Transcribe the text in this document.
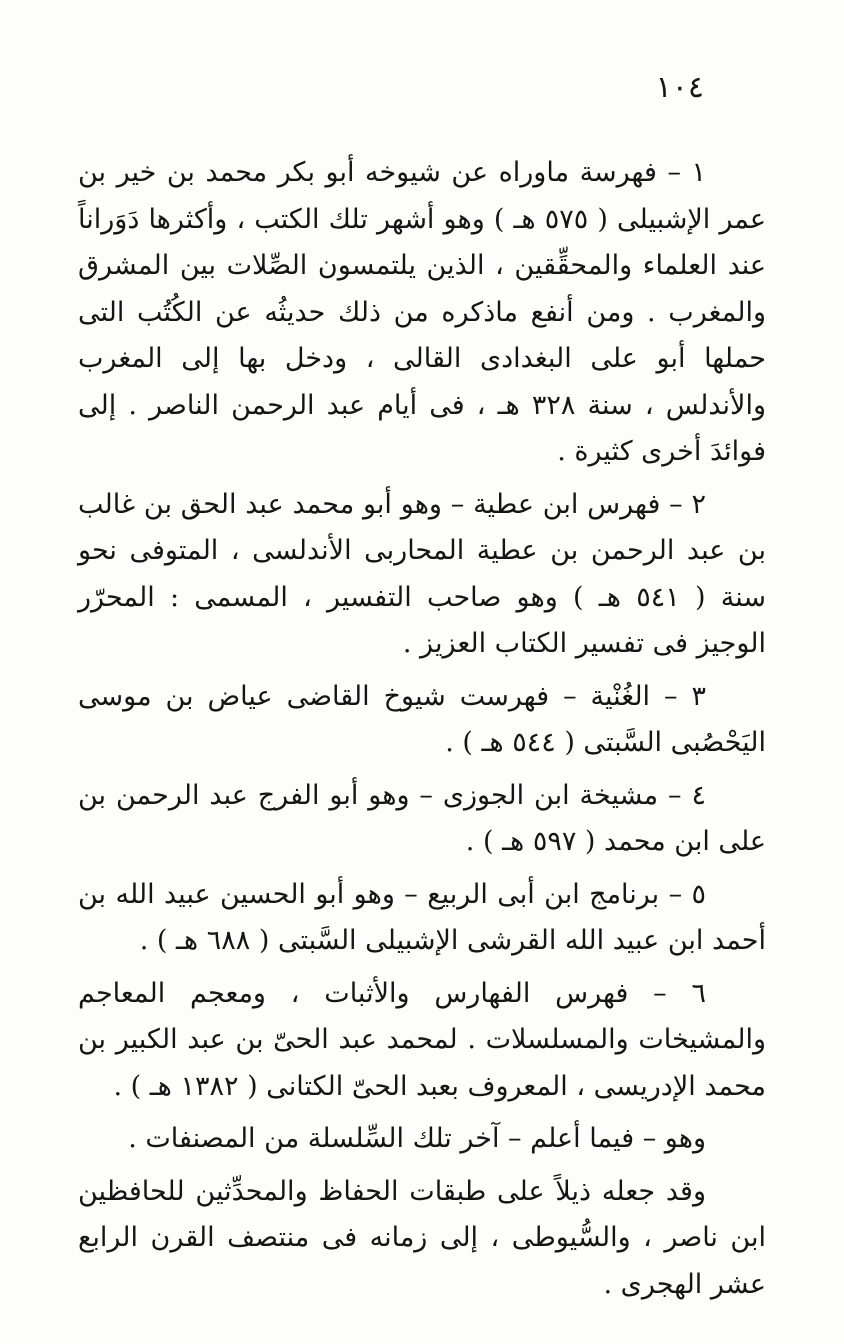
١٠٤

١ – فهرسة ماوراه عن شيوخه أبو بكر محمد بن خير بن عمر الإشبيلى ( ٥٧٥ هـ ) وهو أشهر تلك الكتب ، وأكثرها دَوَراناً عند العلماء والمحقِّقين ، الذين يلتمسون الصِّلات بين المشرق والمغرب . ومن أنفع ماذكره من ذلك حديثُه عن الكُتُب التى حملها أبو على البغدادى القالى ، ودخل بها إلى المغرب والأندلس ، سنة ٣٢٨ هـ ، فى أيام عبد الرحمن الناصر . إلى فوائدَ أخرى كثيرة .

٢ – فهرس ابن عطية – وهو أبو محمد عبد الحق بن غالب بن عبد الرحمن بن عطية المحاربى الأندلسى ، المتوفى نحو سنة ( ٥٤١ هـ ) وهو صاحب التفسير ، المسمى : المحرّر الوجيز فى تفسير الكتاب العزيز .

٣ – الغُنْية – فهرست شيوخ القاضى عياض بن موسى اليَحْصُبى السَّبتى ( ٥٤٤ هـ ) .

٤ – مشيخة ابن الجوزى – وهو أبو الفرج عبد الرحمن بن على ابن محمد ( ٥٩٧ هـ ) .

٥ – برنامج ابن أبى الربيع – وهو أبو الحسين عبيد الله بن أحمد ابن عبيد الله القرشى الإشبيلى السَّبتى ( ٦٨٨ هـ ) .

٦ – فهرس الفهارس والأثبات ، ومعجم المعاجم والمشيخات والمسلسلات . لمحمد عبد الحىّ بن عبد الكبير بن محمد الإدريسى ، المعروف بعبد الحىّ الكتانى ( ١٣٨٢ هـ ) .

وهو – فيما أعلم – آخر تلك السِّلسلة من المصنفات .

وقد جعله ذيلاً على طبقات الحفاظ والمحدِّثين للحافظين ابن ناصر ، والسُّيوطى ، إلى زمانه فى منتصف القرن الرابع عشر الهجرى .
